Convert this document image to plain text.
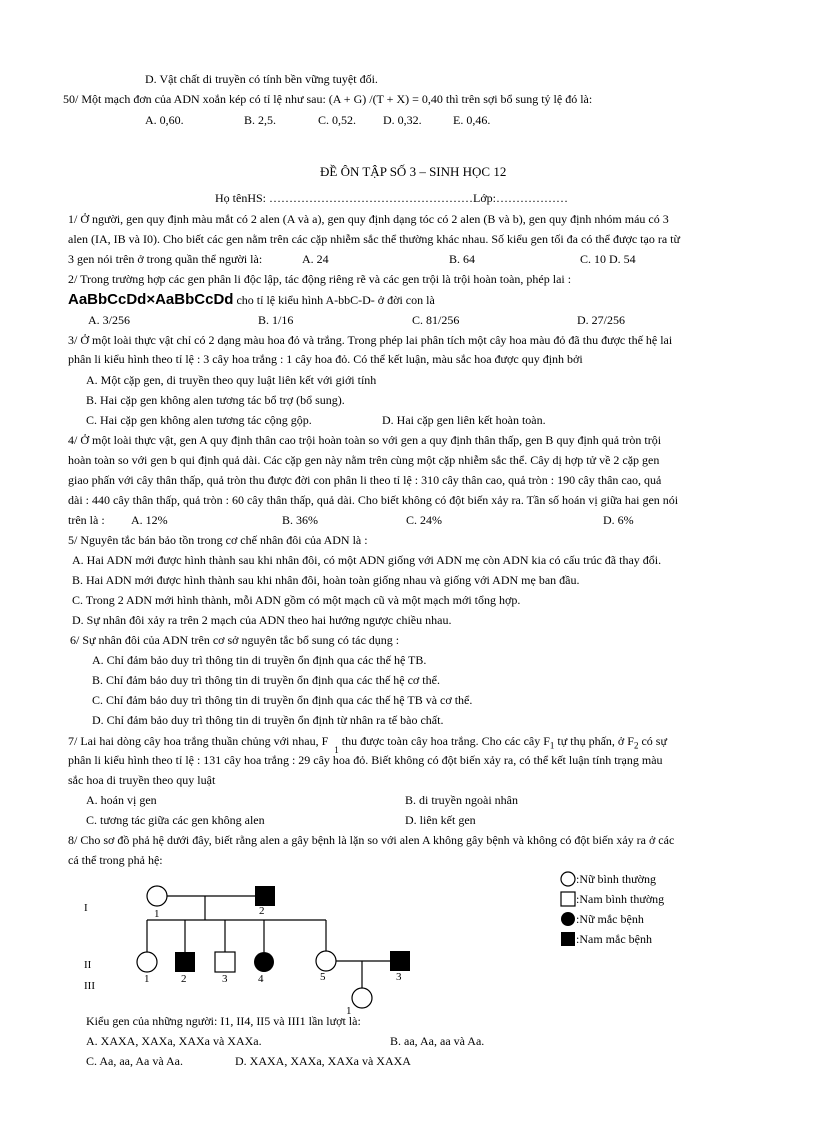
D. Vật chất di truyền có tính bền vững tuyệt đối.
50/ Một mạch đơn của ADN xoắn kép có tỉ lệ như sau: (A + G) /(T + X) = 0,40 thì trên sợi bổ sung tỷ lệ đó là:
A. 0,60.	B. 2,5.	C. 0,52. D. 0,32.	E. 0,46.
ĐỀ ÔN TẬP SỐ 3 – SINH HỌC 12
Họ tênHS: ……………………………………………Lớp:………………
1/ Ở người, gen quy định màu mắt có 2 alen (A và a), gen quy định dạng tóc có 2 alen (B và b), gen quy định nhóm máu có 3
alen (IA, IB và I0). Cho biết các gen nằm trên các cặp nhiễm sắc thể thường khác nhau. Số kiểu gen tối đa có thể được tạo ra từ
3 gen nói trên ở trong quần thể người là:	A. 24	B. 64	C. 10 D. 54
2/ Trong trường hợp các gen phân li độc lập, tác động riêng rẽ và các gen trội là trội hoàn toàn, phép lai :
AaBbCcDd×AaBbCcDd cho tỉ lệ kiểu hình A-bbC-D- ở đời con là
A. 3/256	B. 1/16	C. 81/256	D. 27/256
3/ Ở một loài thực vật chỉ có 2 dạng màu hoa đỏ và trắng. Trong phép lai phân tích một cây hoa màu đỏ đã thu được thế hệ lai
phân li kiểu hình theo tỉ lệ : 3 cây hoa trắng : 1 cây hoa đỏ. Có thể kết luận, màu sắc hoa được quy định bởi
A. Một cặp gen, di truyền theo quy luật liên kết với giới tính
B. Hai cặp gen không alen tương tác bổ trợ (bổ sung).
C. Hai cặp gen không alen tương tác cộng gộp.	D. Hai cặp gen liên kết hoàn toàn.
4/ Ở một loài thực vật, gen A quy định thân cao trội hoàn toàn so với gen a quy định thân thấp, gen B quy định quả tròn trội
hoàn toàn so với gen b qui định quả dài. Các cặp gen này nằm trên cùng một cặp nhiễm sắc thể. Cây dị hợp tử về 2 cặp gen
giao phấn với cây thân thấp, quả tròn thu được đời con phân li theo tỉ lệ : 310 cây thân cao, quả tròn : 190 cây thân cao, quả
dài : 440 cây thân thấp, quả tròn : 60 cây thân thấp, quả dài. Cho biết không có đột biến xảy ra. Tần số hoán vị giữa hai gen nói
trên là : A. 12%	B. 36%	C. 24%	D. 6%
5/ Nguyên tắc bán bảo tồn trong cơ chế nhân đôi của ADN là :
A. Hai ADN mới được hình thành sau khi nhân đôi, có một ADN giống với ADN mẹ còn ADN kia có cấu trúc đã thay đổi.
B. Hai ADN mới được hình thành sau khi nhân đôi, hoàn toàn giống nhau và giống với ADN mẹ ban đầu.
C. Trong 2 ADN mới hình thành, mỗi ADN gồm có một mạch cũ và một mạch mới tổng hợp.
D. Sự nhân đôi xảy ra trên 2 mạch của ADN theo hai hướng ngược chiều nhau.
6/ Sự nhân đôi của ADN trên cơ sở nguyên tắc bổ sung có tác dụng :
A. Chỉ đảm bảo duy trì thông tin di truyền ổn định qua các thế hệ TB.
B. Chỉ đảm bảo duy trì thông tin di truyền ổn định qua các thế hệ cơ thể.
C. Chỉ đảm bảo duy trì thông tin di truyền ổn định qua các thế hệ TB và cơ thể.
D. Chỉ đảm bảo duy trì thông tin di truyền ổn định từ nhân ra tế bào chất.
7/ Lai hai dòng cây hoa trắng thuần chủng với nhau, $F_1$ thu được toàn cây hoa trắng. Cho các cây $F_1$ tự thụ phấn, ở $F_2$ có sự
phân li kiểu hình theo tỉ lệ : 131 cây hoa trắng : 29 cây hoa đỏ. Biết không có đột biến xảy ra, có thể kết luận tính trạng màu
sắc hoa di truyền theo quy luật
A. hoán vị gen	B. di truyền ngoài nhân
C. tương tác giữa các gen không alen	D. liên kết gen
8/ Cho sơ đồ phả hệ dưới đây, biết rằng alen a gây bệnh là lặn so với alen A không gây bệnh và không có đột biến xảy ra ở các
cá thể trong phả hệ:
I
II
III
1	2
1	2	3	4	5	3
1
:Nữ bình thường
:Nam bình thường
:Nữ mắc bệnh
:Nam mắc bệnh
Kiểu gen của những người: I1, II4, II5 và III1 lần lượt là:
A. XAXA, XAXa, XAXa và XAXa.	B. aa, Aa, aa và Aa.
C. Aa, aa, Aa và Aa.	D. XAXA, XAXa, XAXa và XAXA
